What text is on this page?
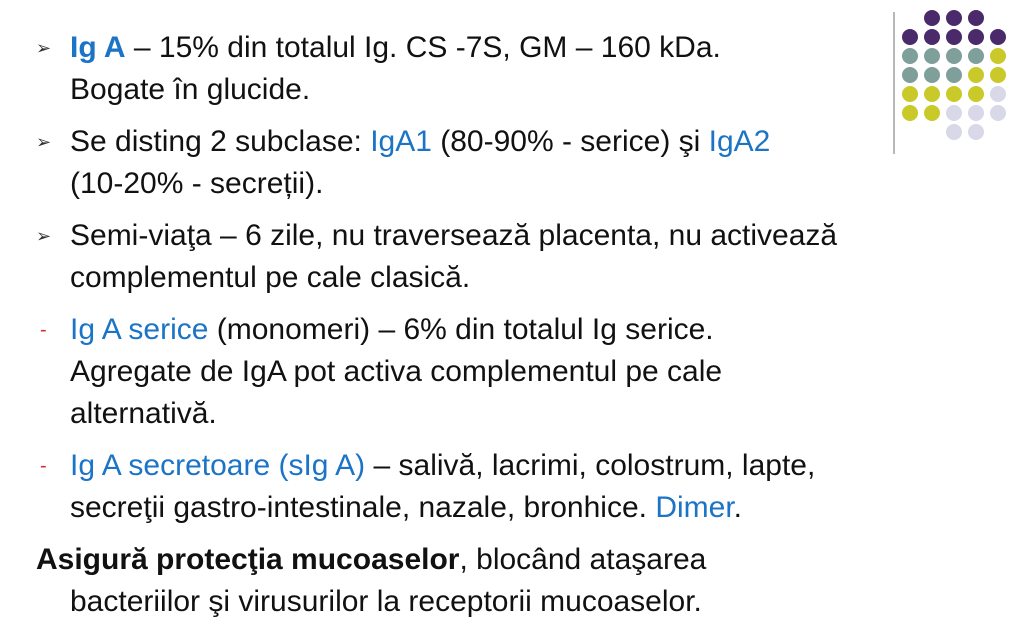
➢ Ig A – 15% din totalul Ig. CS -7S, GM – 160 kDa.
Bogate în glucide.
➢ Se disting 2 subclase: IgA1 (80-90% - serice) şi IgA2
(10-20% - secreții).
➢ Semi-viaţa – 6 zile, nu traversează placenta, nu activează
complementul pe cale clasică.
- Ig A serice (monomeri) – 6% din totalul Ig serice.
Agregate de IgA pot activa complementul pe cale
alternativă.
- Ig A secretoare (sIg A) – salivă, lacrimi, colostrum, lapte,
secreţii gastro-intestinale, nazale, bronhice. Dimer.
Asigură protecţia mucoaselor, blocând ataşarea
bacteriilor şi virusurilor la receptorii mucoaselor.
